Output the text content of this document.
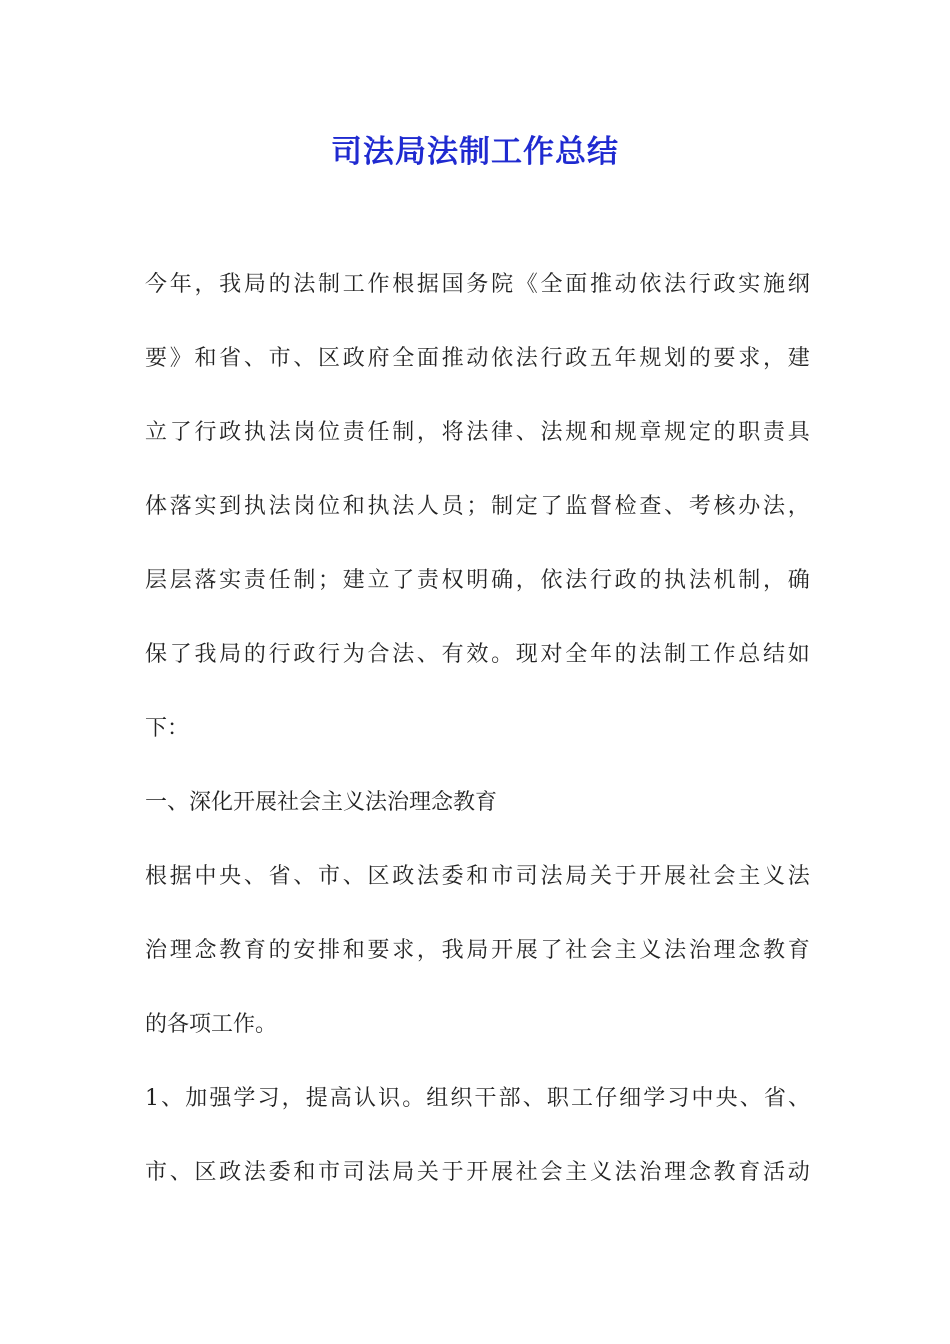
司法局法制工作总结
今 年 ， 我 局 的 法 制 工 作 根 据 国 务 院 《 全 面 推 动 依 法 行 政 实 施 纲
要 》 和 省 、 市 、 区 政 府 全 面 推 动 依 法 行 政 五 年 规 划 的 要 求 ， 建
立 了 行 政 执 法 岗 位 责 任 制 ， 将 法 律 、 法 规 和 规 章 规 定 的 职 责 具
体 落 实 到 执 法 岗 位 和 执 法 人 员 ； 制 定 了 监 督 检 查 、 考 核 办 法 ，
层 层 落 实 责 任 制 ； 建 立 了 责 权 明 确 ， 依 法 行 政 的 执 法 机 制 ， 确
保 了 我 局 的 行 政 行 为 合 法 、 有 效 。 现 对 全 年 的 法 制 工 作 总 结 如
下：
一、深化开展社会主义法治理念教育
根 据 中 央 、 省 、 市 、 区 政 法 委 和 市 司 法 局 关 于 开 展 社 会 主 义 法
治 理 念 教 育 的 安 排 和 要 求 ， 我 局 开 展 了 社 会 主 义 法 治 理 念 教 育
的各项工作。
1 、 加 强 学 习 ， 提 高 认 识 。 组 织 干 部 、 职 工 仔 细 学 习 中 央 、 省 、
市 、 区 政 法 委 和 市 司 法 局 关 于 开 展 社 会 主 义 法 治 理 念 教 育 活 动
